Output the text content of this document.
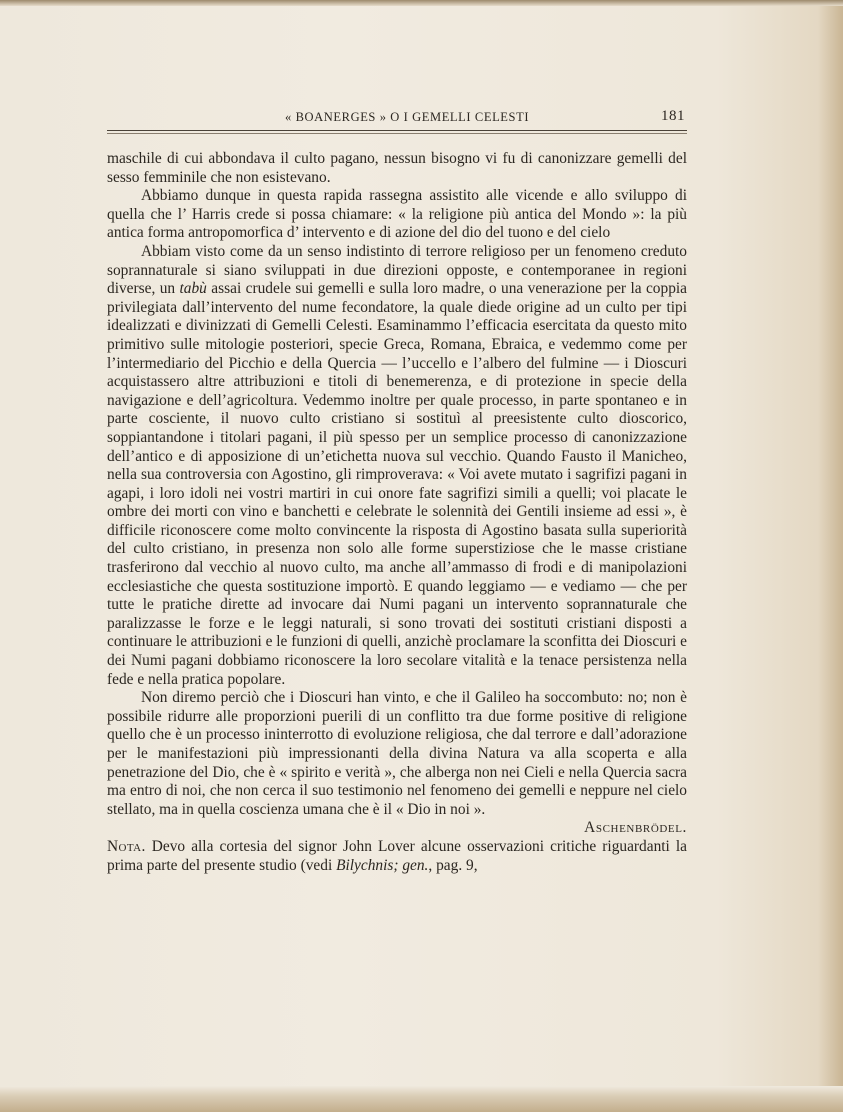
« BOANERGES » O I GEMELLI CELESTI	181

maschile di cui abbondava il culto pagano, nessun bisogno vi fu di canonizzare gemelli del sesso femminile che non esistevano.

Abbiamo dunque in questa rapida rassegna assistito alle vicende e allo sviluppo di quella che l’ Harris crede si possa chiamare: « la religione più antica del Mondo »: la più antica forma antropomorfica d’ intervento e di azione del dio del tuono e del cielo

Abbiam visto come da un senso indistinto di terrore religioso per un fenomeno creduto soprannaturale si siano sviluppati in due direzioni opposte, e contemporanee in regioni diverse, un tabù assai crudele sui gemelli e sulla loro madre, o una venerazione per la coppia privilegiata dall’intervento del nume fecondatore, la quale diede origine ad un culto per tipi idealizzati e divinizzati di Gemelli Celesti. Esaminammo l’efficacia esercitata da questo mito primitivo sulle mitologie posteriori, specie Greca, Romana, Ebraica, e vedemmo come per l’intermediario del Picchio e della Quercia — l’uccello e l’albero del fulmine — i Dioscuri acquistassero altre attribuzioni e titoli di benemerenza, e di protezione in specie della navigazione e dell’agricoltura. Vedemmo inoltre per quale processo, in parte spontaneo e in parte cosciente, il nuovo culto cristiano si sostituì al preesistente culto dioscorico, soppiantandone i titolari pagani, il più spesso per un semplice processo di canonizzazione dell’antico e di apposizione di un’etichetta nuova sul vecchio. Quando Fausto il Manicheo, nella sua controversia con Agostino, gli rimproverava: « Voi avete mutato i sagrifizi pagani in agapi, i loro idoli nei vostri martiri in cui onore fate sagrifizi simili a quelli; voi placate le ombre dei morti con vino e banchetti e celebrate le solennità dei Gentili insieme ad essi », è difficile riconoscere come molto convincente la risposta di Agostino basata sulla superiorità del culto cristiano, in presenza non solo alle forme superstiziose che le masse cristiane trasferirono dal vecchio al nuovo culto, ma anche all’ammasso di frodi e di manipolazioni ecclesiastiche che questa sostituzione importò. E quando leggiamo — e vediamo — che per tutte le pratiche dirette ad invocare dai Numi pagani un intervento soprannaturale che paralizzasse le forze e le leggi naturali, si sono trovati dei sostituti cristiani disposti a continuare le attribuzioni e le funzioni di quelli, anzichè proclamare la sconfitta dei Dioscuri e dei Numi pagani dobbiamo riconoscere la loro secolare vitalità e la tenace persistenza nella fede e nella pratica popolare.

Non diremo perciò che i Dioscuri han vinto, e che il Galileo ha soccombuto: no; non è possibile ridurre alle proporzioni puerili di un conflitto tra due forme positive di religione quello che è un processo ininterrotto di evoluzione religiosa, che dal terrore e dall’adorazione per le manifestazioni più impressionanti della divina Natura va alla scoperta e alla penetrazione del Dio, che è « spirito e verità », che alberga non nei Cieli e nella Quercia sacra ma entro di noi, che non cerca il suo testimonio nel fenomeno dei gemelli e neppure nel cielo stellato, ma in quella coscienza umana che è il « Dio in noi ».

Aschenbrödel.

Nota. Devo alla cortesia del signor John Lover alcune osservazioni critiche riguardanti la prima parte del presente studio (vedi Bilychnis; gen., pag. 9,
